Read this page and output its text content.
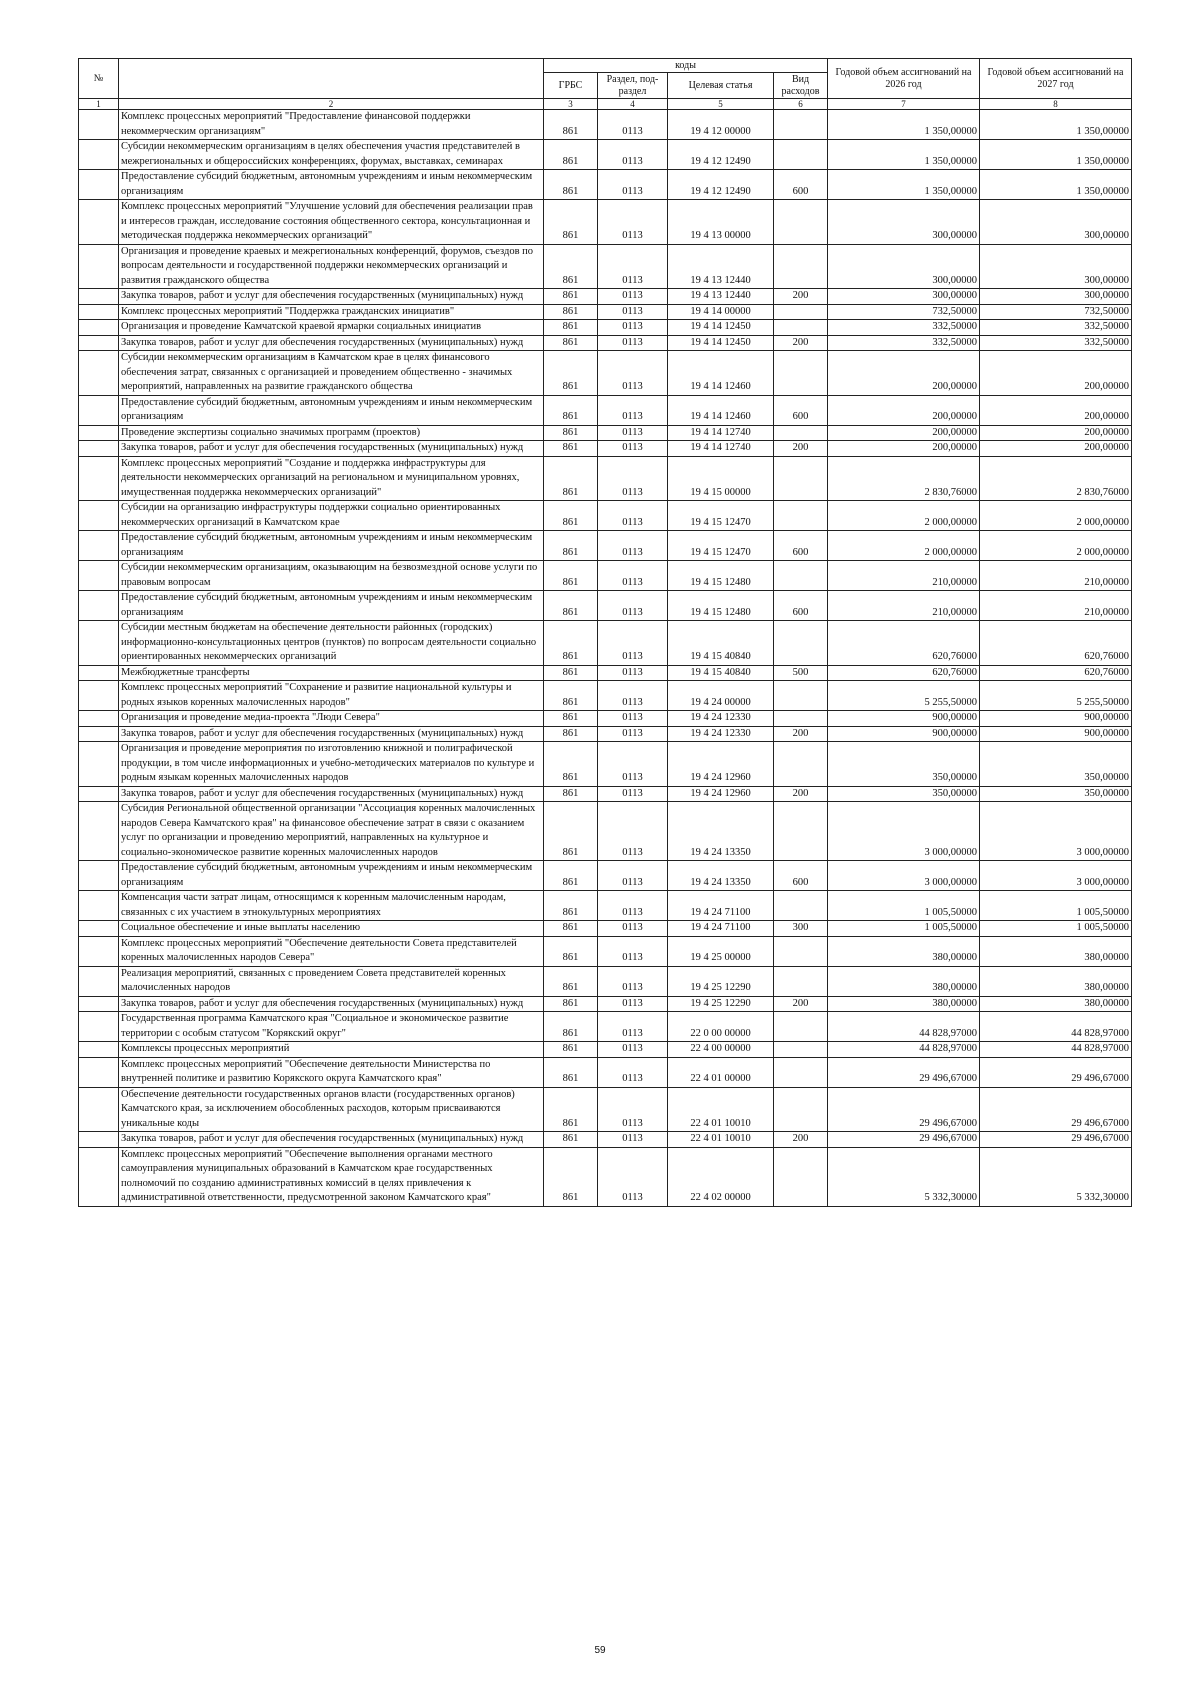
№		коды				Годовой объем ассигнований на 2026 год	Годовой объем ассигнований на 2027 год
		ГРБС	Раздел, под-раздел	Целевая статья	Вид расходов		
1	2	3	4	5	6	7	8
	Комплекс процессных мероприятий "Предоставление финансовой поддержки некоммерческим организациям"	861	0113	19 4 12 00000		1 350,00000	1 350,00000
	Субсидии некоммерческим организациям в целях обеспечения участия представителей в межрегиональных и общероссийских конференциях, форумах, выставках, семинарах	861	0113	19 4 12 12490		1 350,00000	1 350,00000
	Предоставление субсидий бюджетным, автономным учреждениям и иным некоммерческим организациям	861	0113	19 4 12 12490	600	1 350,00000	1 350,00000
	Комплекс процессных мероприятий "Улучшение условий для обеспечения реализации прав и интересов граждан, исследование состояния общественного сектора, консультационная и методическая поддержка некоммерческих организаций"	861	0113	19 4 13 00000		300,00000	300,00000
	Организация и проведение краевых и межрегиональных конференций, форумов, съездов по вопросам деятельности и государственной поддержки некоммерческих организаций и развития гражданского общества	861	0113	19 4 13 12440		300,00000	300,00000
	Закупка товаров, работ и услуг для обеспечения государственных (муниципальных) нужд	861	0113	19 4 13 12440	200	300,00000	300,00000
	Комплекс процессных мероприятий "Поддержка гражданских инициатив"	861	0113	19 4 14 00000		732,50000	732,50000
	Организация и проведение Камчатской краевой ярмарки социальных инициатив	861	0113	19 4 14 12450		332,50000	332,50000
	Закупка товаров, работ и услуг для обеспечения государственных (муниципальных) нужд	861	0113	19 4 14 12450	200	332,50000	332,50000
	Субсидии некоммерческим организациям в Камчатском крае в целях финансового обеспечения затрат, связанных с организацией и проведением общественно - значимых мероприятий, направленных на развитие гражданского общества	861	0113	19 4 14 12460		200,00000	200,00000
	Предоставление субсидий бюджетным, автономным учреждениям и иным некоммерческим организациям	861	0113	19 4 14 12460	600	200,00000	200,00000
	Проведение экспертизы социально значимых программ (проектов)	861	0113	19 4 14 12740		200,00000	200,00000
	Закупка товаров, работ и услуг для обеспечения государственных (муниципальных) нужд	861	0113	19 4 14 12740	200	200,00000	200,00000
	Комплекс процессных мероприятий "Создание и поддержка инфраструктуры для деятельности некоммерческих организаций на региональном и муниципальном уровнях, имущественная поддержка некоммерческих организаций"	861	0113	19 4 15 00000		2 830,76000	2 830,76000
	Субсидии на организацию инфраструктуры поддержки социально ориентированных некоммерческих организаций в Камчатском крае	861	0113	19 4 15 12470		2 000,00000	2 000,00000
	Предоставление субсидий бюджетным, автономным учреждениям и иным некоммерческим организациям	861	0113	19 4 15 12470	600	2 000,00000	2 000,00000
	Субсидии некоммерческим организациям, оказывающим на безвозмездной основе услуги по правовым вопросам	861	0113	19 4 15 12480		210,00000	210,00000
	Предоставление субсидий бюджетным, автономным учреждениям и иным некоммерческим организациям	861	0113	19 4 15 12480	600	210,00000	210,00000
	Субсидии местным бюджетам на обеспечение деятельности районных (городских) информационно-консультационных центров (пунктов) по вопросам деятельности социально ориентированных некоммерческих организаций	861	0113	19 4 15 40840		620,76000	620,76000
	Межбюджетные трансферты	861	0113	19 4 15 40840	500	620,76000	620,76000
	Комплекс процессных мероприятий "Сохранение и развитие национальной культуры и родных языков коренных малочисленных народов"	861	0113	19 4 24 00000		5 255,50000	5 255,50000
	Организация и проведение медиа-проекта "Люди Севера"	861	0113	19 4 24 12330		900,00000	900,00000
	Закупка товаров, работ и услуг для обеспечения государственных (муниципальных) нужд	861	0113	19 4 24 12330	200	900,00000	900,00000
	Организация и проведение мероприятия по изготовлению книжной и полиграфической продукции, в том числе информационных и учебно-методических материалов по культуре и родным языкам коренных малочисленных народов	861	0113	19 4 24 12960		350,00000	350,00000
	Закупка товаров, работ и услуг для обеспечения государственных (муниципальных) нужд	861	0113	19 4 24 12960	200	350,00000	350,00000
	Субсидия Региональной общественной организации "Ассоциация коренных малочисленных народов Севера Камчатского края" на финансовое обеспечение затрат в связи с оказанием услуг по организации и проведению мероприятий, направленных на культурное и социально-экономическое развитие коренных малочисленных народов	861	0113	19 4 24 13350		3 000,00000	3 000,00000
	Предоставление субсидий бюджетным, автономным учреждениям и иным некоммерческим организациям	861	0113	19 4 24 13350	600	3 000,00000	3 000,00000
	Компенсация части затрат лицам, относящимся к коренным малочисленным народам, связанных с их участием в этнокультурных мероприятиях	861	0113	19 4 24 71100		1 005,50000	1 005,50000
	Социальное обеспечение и иные выплаты населению	861	0113	19 4 24 71100	300	1 005,50000	1 005,50000
	Комплекс процессных мероприятий "Обеспечение деятельности Совета представителей коренных малочисленных народов Севера"	861	0113	19 4 25 00000		380,00000	380,00000
	Реализация мероприятий, связанных с проведением Совета представителей коренных малочисленных народов	861	0113	19 4 25 12290		380,00000	380,00000
	Закупка товаров, работ и услуг для обеспечения государственных (муниципальных) нужд	861	0113	19 4 25 12290	200	380,00000	380,00000
	Государственная программа Камчатского края "Социальное и экономическое развитие территории с особым статусом "Корякский округ"	861	0113	22 0 00 00000		44 828,97000	44 828,97000
	Комплексы процессных мероприятий	861	0113	22 4 00 00000		44 828,97000	44 828,97000
	Комплекс процессных мероприятий "Обеспечение деятельности Министерства по внутренней политике и развитию Корякского округа Камчатского края"	861	0113	22 4 01 00000		29 496,67000	29 496,67000
	Обеспечение деятельности государственных органов власти (государственных органов) Камчатского края, за исключением обособленных расходов, которым присваиваются уникальные коды	861	0113	22 4 01 10010		29 496,67000	29 496,67000
	Закупка товаров, работ и услуг для обеспечения государственных (муниципальных) нужд	861	0113	22 4 01 10010	200	29 496,67000	29 496,67000
	Комплекс процессных мероприятий "Обеспечение выполнения органами местного самоуправления муниципальных образований в Камчатском крае государственных полномочий по созданию административных комиссий в целях привлечения к административной ответственности, предусмотренной законом Камчатского края"	861	0113	22 4 02 00000		5 332,30000	5 332,30000
59
